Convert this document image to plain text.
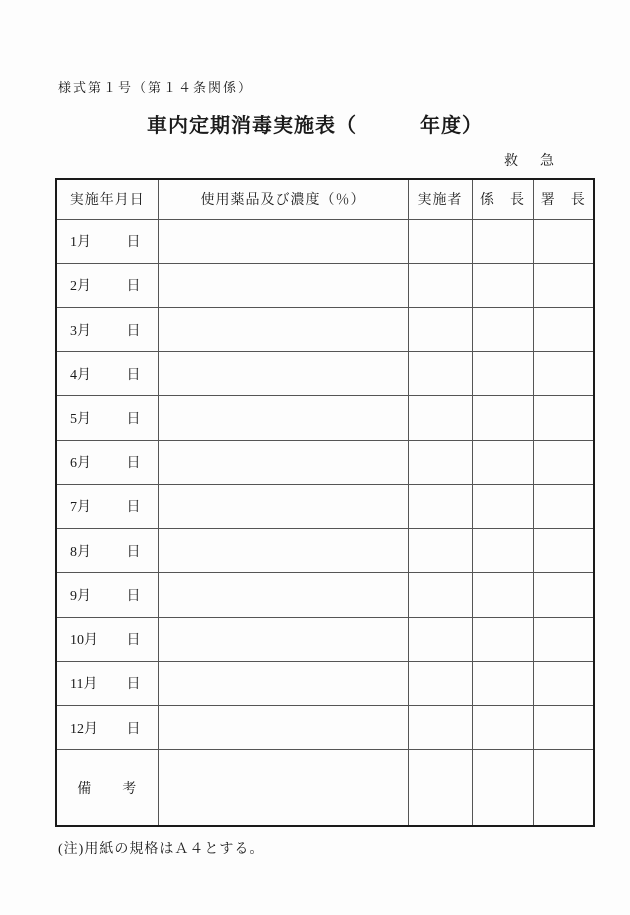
様式第１号（第１４条関係）
車内定期消毒実施表（　　　年度）
救　急
実施年月日	使用薬品及び濃度（％）	実施者	係　長	署　長

1月 日				

2月 日				

3月 日				

4月 日				

5月 日				

6月 日				

7月 日				

8月 日				

9月 日				

10月 日				

11月 日				

12月 日				

備　　考				
(注)用紙の規格はＡ４とする。
